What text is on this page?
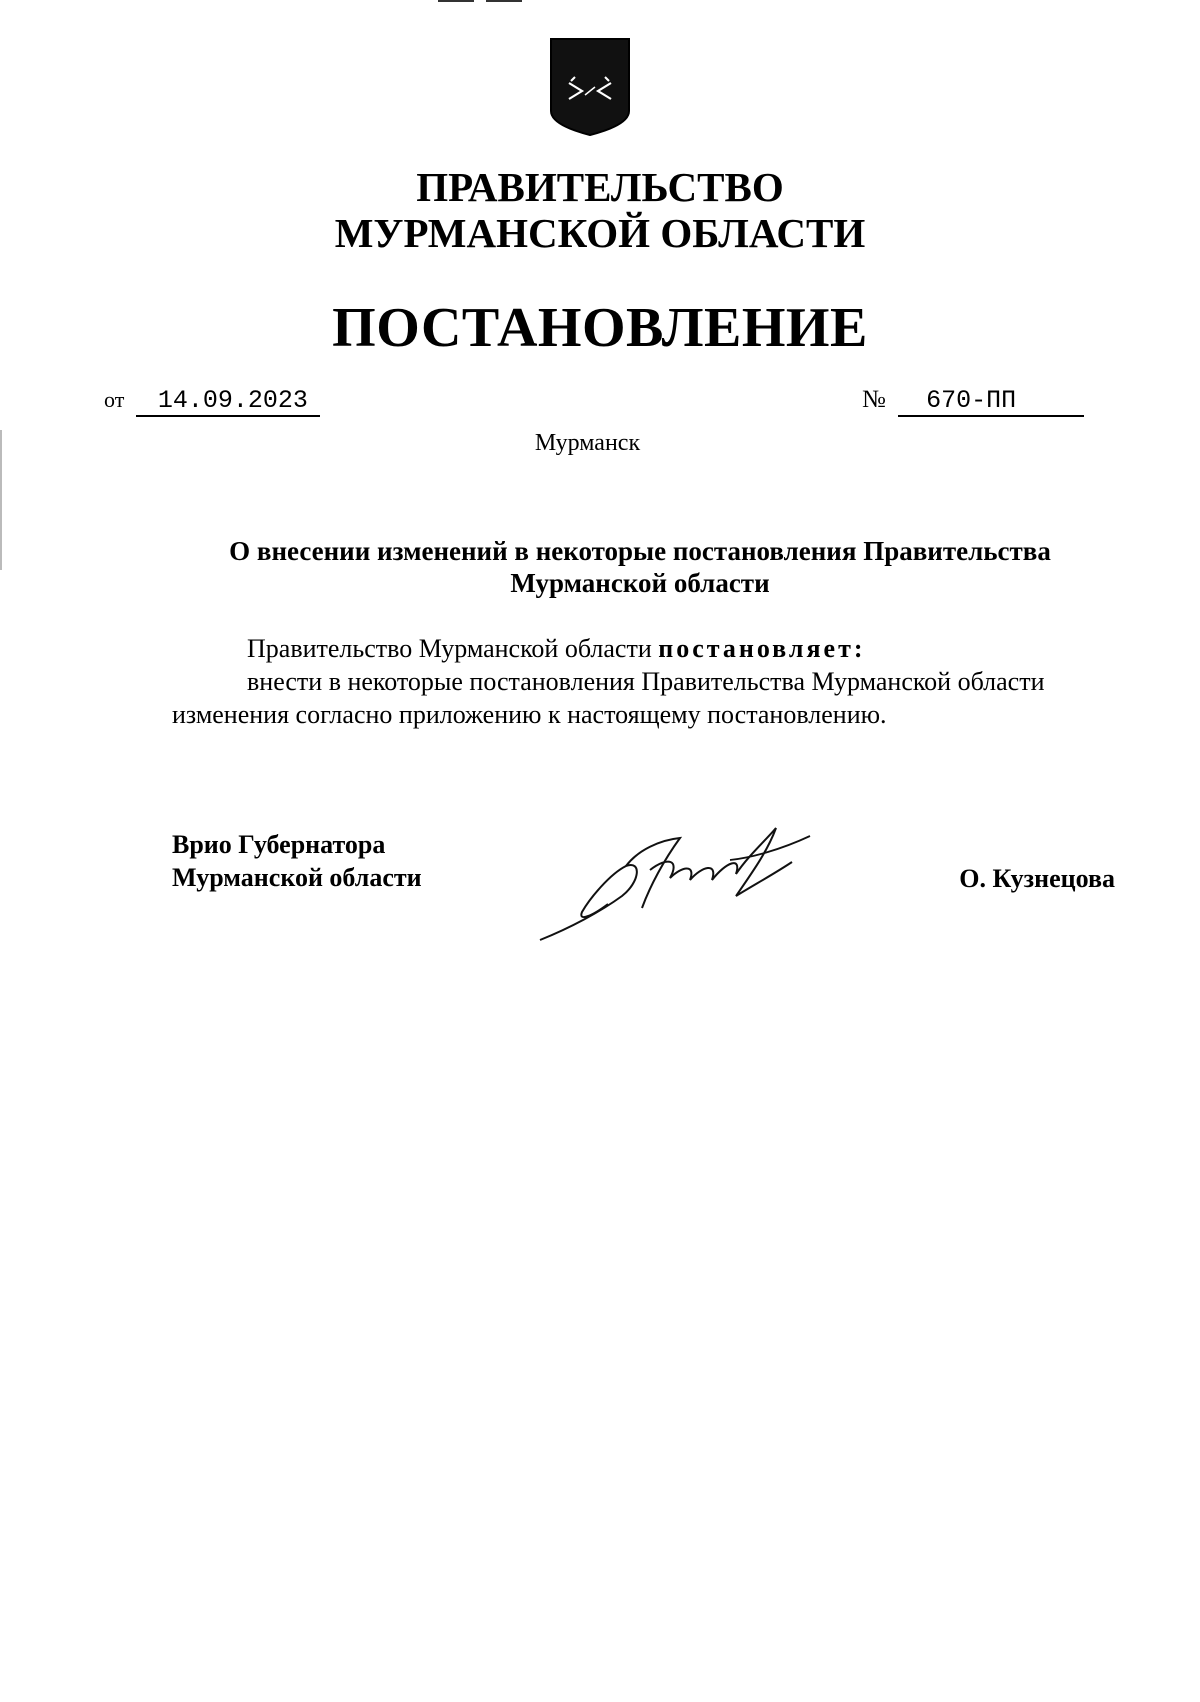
ПРАВИТЕЛЬСТВО
МУРМАНСКОЙ ОБЛАСТИ
ПОСТАНОВЛЕНИЕ
от 14.09.2023	№ 670-ПП
Мурманск
О внесении изменений в некоторые постановления Правительства
Мурманской области

Правительство Мурманской области постановляет:

внести в некоторые постановления Правительства Мурманской области

изменения согласно приложению к настоящему постановлению.

Врио Губернатора
Мурманской области	О. Кузнецова
